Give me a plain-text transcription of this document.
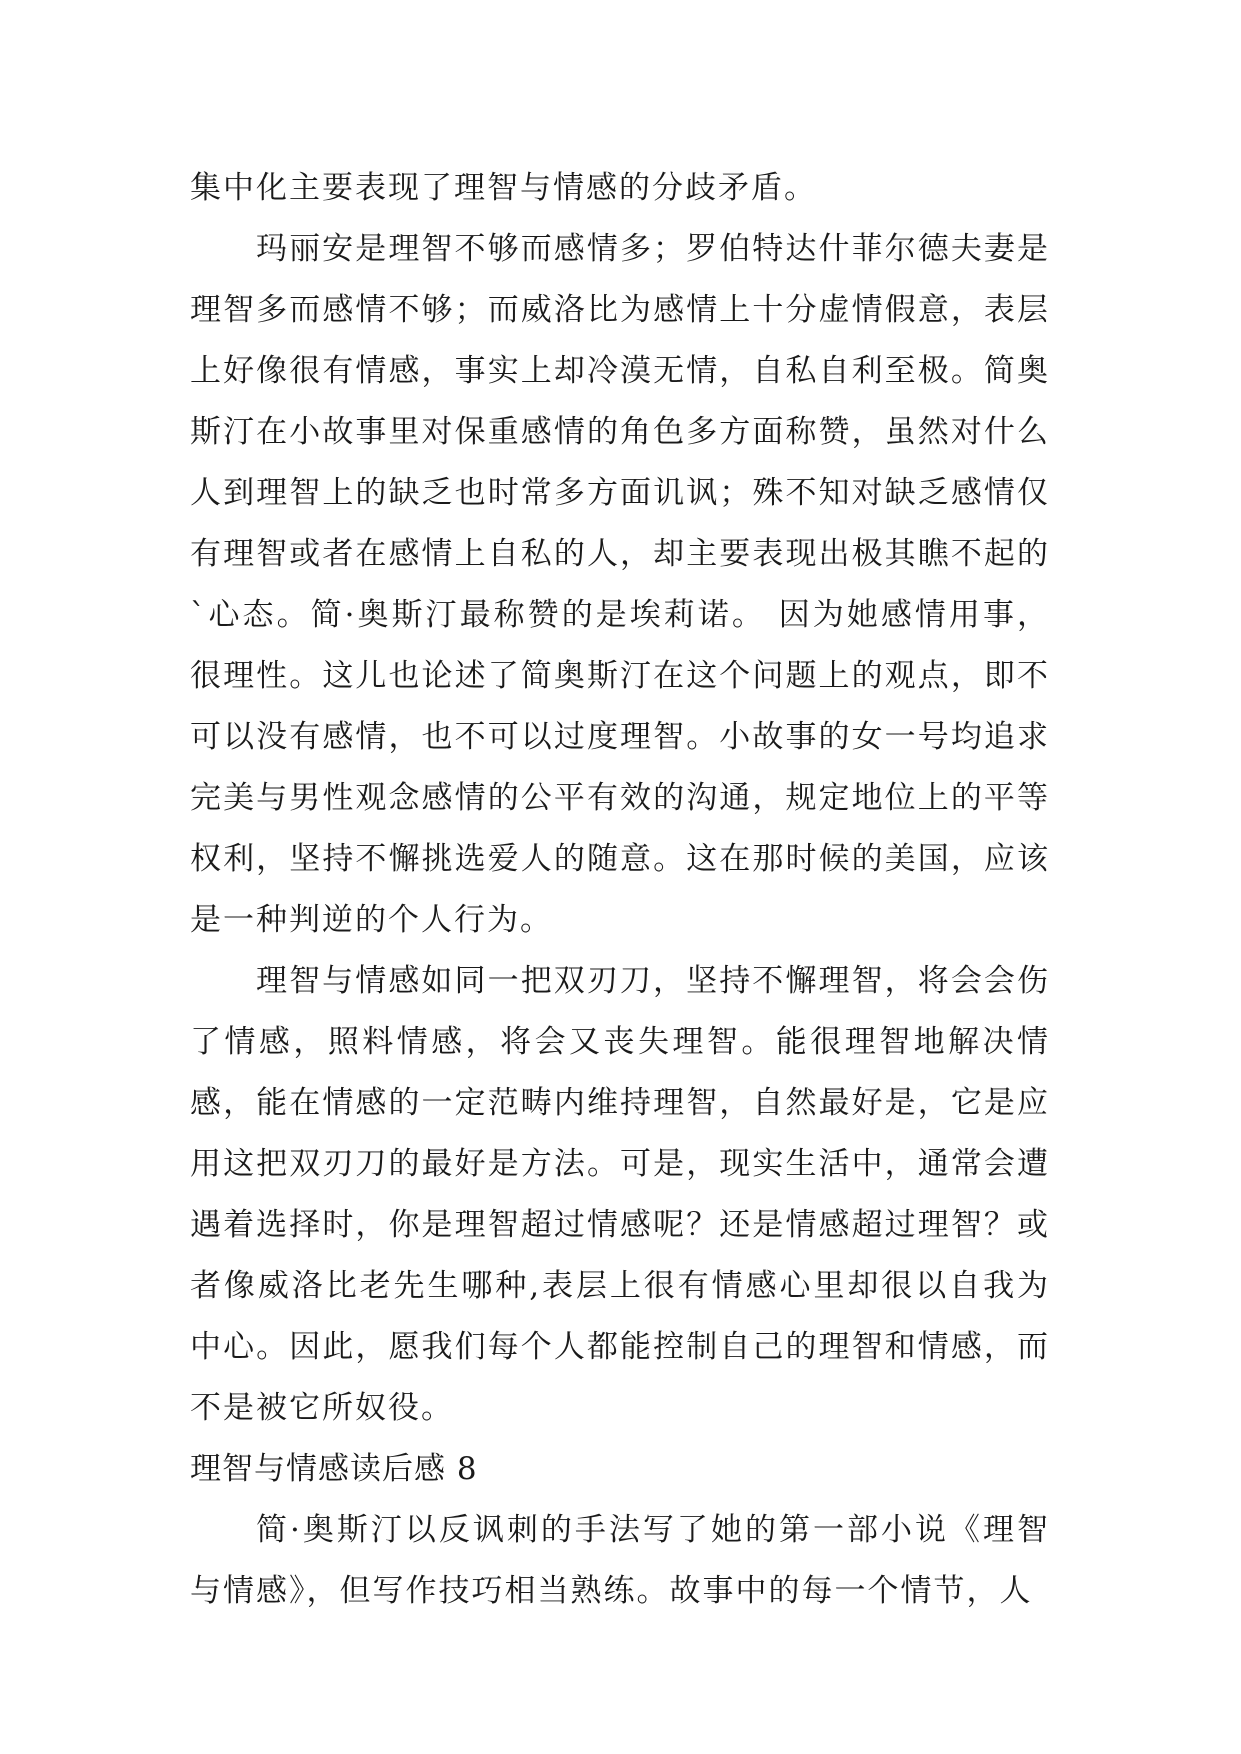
集中化主要表现了理智与情感的分歧矛盾。

玛丽安是理智不够而感情多；罗伯特达什菲尔德夫妻是理智多而感情不够；而威洛比为感情上十分虚情假意，表层上好像很有情感，事实上却冷漠无情，自私自利至极。简奥斯汀在小故事里对保重感情的角色多方面称赞，虽然对什么人到理智上的缺乏也时常多方面讥讽；殊不知对缺乏感情仅有理智或者在感情上自私的人，却主要表现出极其瞧不起的`心态。简·奥斯汀最称赞的是埃莉诺。 因为她感情用事，很理性。这儿也论述了简奥斯汀在这个问题上的观点，即不可以没有感情，也不可以过度理智。小故事的女一号均追求完美与男性观念感情的公平有效的沟通，规定地位上的平等权利，坚持不懈挑选爱人的随意。这在那时候的美国，应该是一种判逆的个人行为。

理智与情感如同一把双刃刀，坚持不懈理智，将会会伤了情感，照料情感，将会又丧失理智。能很理智地解决情感，能在情感的一定范畴内维持理智，自然最好是，它是应用这把双刃刀的最好是方法。可是，现实生活中，通常会遭遇着选择时，你是理智超过情感呢？还是情感超过理智？或者像威洛比老先生哪种,表层上很有情感心里却很以自我为中心。因此，愿我们每个人都能控制自己的理智和情感，而不是被它所奴役。

理智与情感读后感 8

简·奥斯汀以反讽刺的手法写了她的第一部小说《理智与情感》，但写作技巧相当熟练。故事中的每一个情节，人
